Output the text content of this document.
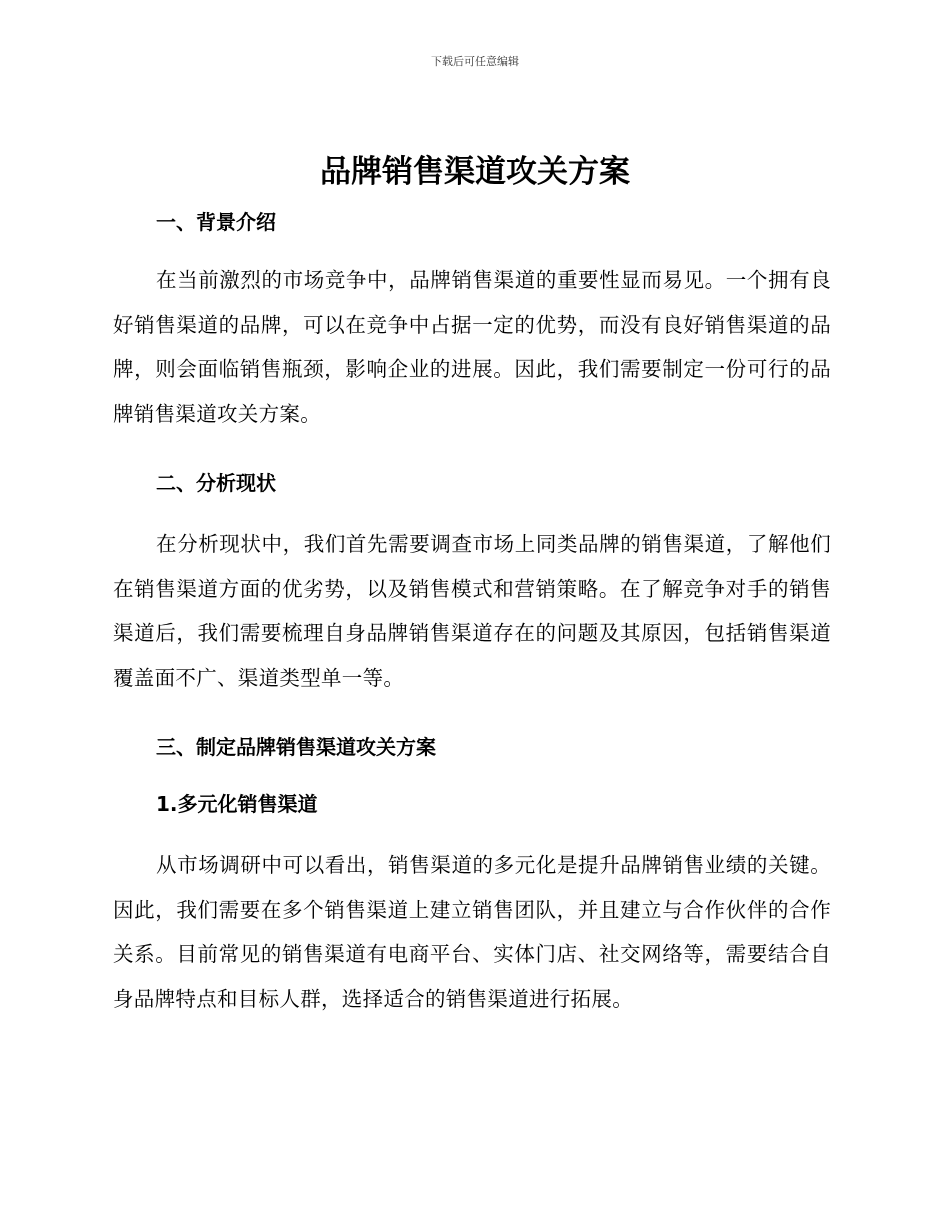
下载后可任意编辑
品牌销售渠道攻关方案
一、背景介绍

在当前激烈的市场竞争中，品牌销售渠道的重要性显而易见。一个拥有良好销售渠道的品牌，可以在竞争中占据一定的优势，而没有良好销售渠道的品牌，则会面临销售瓶颈，影响企业的进展。因此，我们需要制定一份可行的品牌销售渠道攻关方案。

二、分析现状

在分析现状中，我们首先需要调查市场上同类品牌的销售渠道，了解他们在销售渠道方面的优劣势，以及销售模式和营销策略。在了解竞争对手的销售渠道后，我们需要梳理自身品牌销售渠道存在的问题及其原因，包括销售渠道覆盖面不广、渠道类型单一等。

三、制定品牌销售渠道攻关方案
1.多元化销售渠道

从市场调研中可以看出，销售渠道的多元化是提升品牌销售业绩的关键。因此，我们需要在多个销售渠道上建立销售团队，并且建立与合作伙伴的合作关系。目前常见的销售渠道有电商平台、实体门店、社交网络等，需要结合自身品牌特点和目标人群，选择适合的销售渠道进行拓展。
